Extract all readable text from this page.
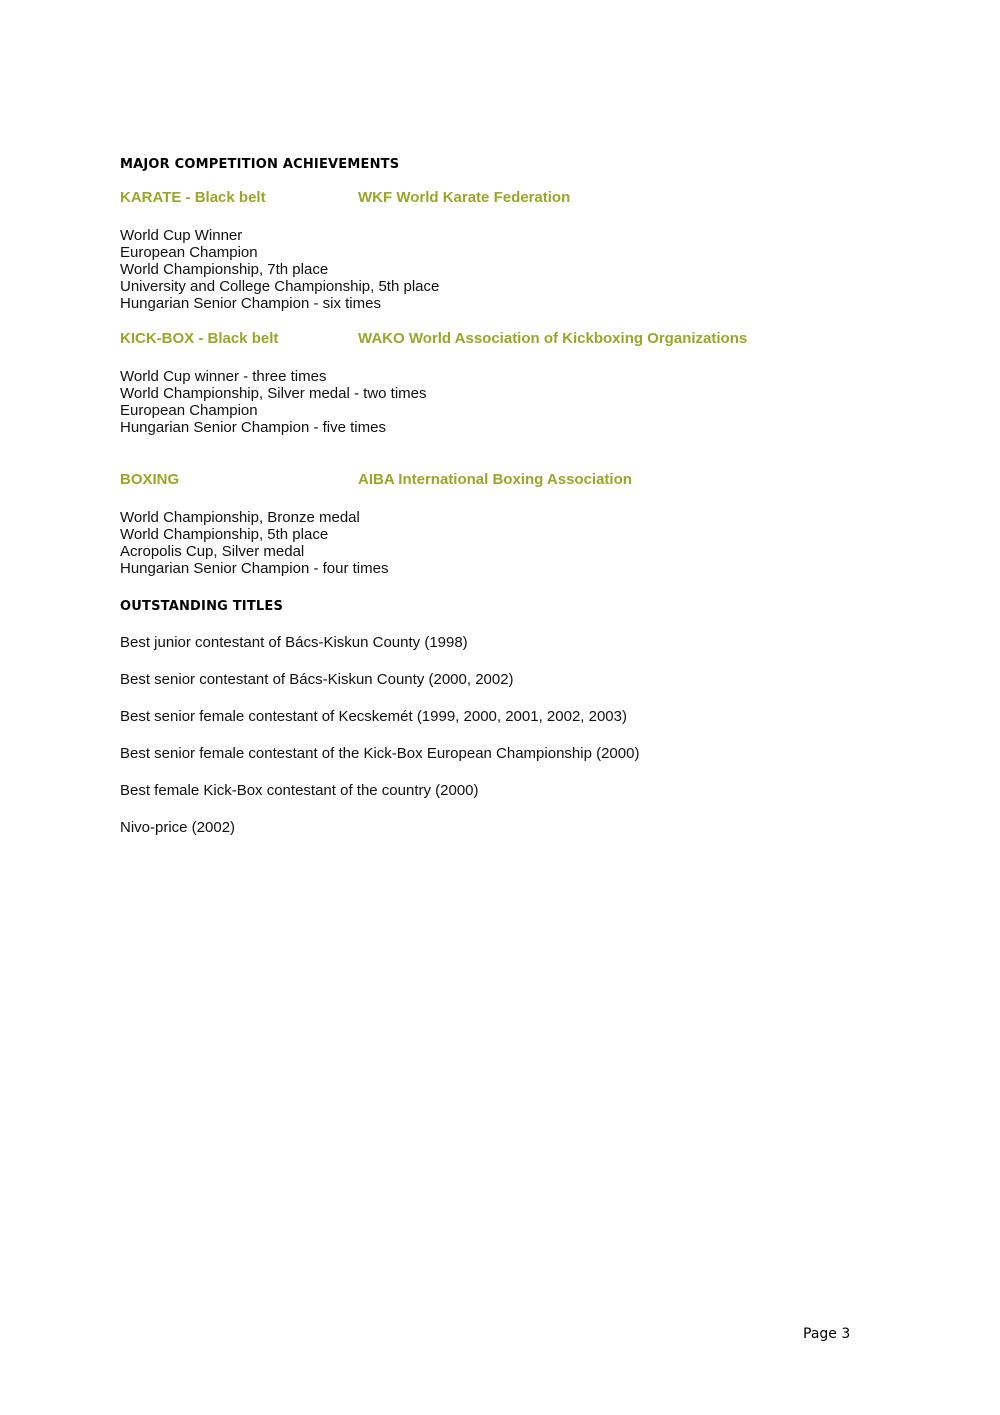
MAJOR COMPETITION ACHIEVEMENTS
KARATE - Black belt	WKF World Karate Federation
World Cup Winner
European Champion
World Championship, 7th place
University and College Championship, 5th place
Hungarian Senior Champion - six times
KICK-BOX - Black belt	WAKO World Association of Kickboxing Organizations
World Cup winner - three times
World Championship, Silver medal - two times
European Champion
Hungarian Senior Champion - five times
BOXING	AIBA International Boxing Association
World Championship, Bronze medal
World Championship, 5th place
Acropolis Cup, Silver medal
Hungarian Senior Champion - four times
OUTSTANDING TITLES
Best junior contestant of Bács-Kiskun County (1998)
Best senior contestant of Bács-Kiskun County (2000, 2002)
Best senior female contestant of Kecskemét (1999, 2000, 2001, 2002, 2003)
Best senior female contestant of the Kick-Box European Championship (2000)
Best female Kick-Box contestant of the country (2000)
Nivo-price (2002)
Page 3
